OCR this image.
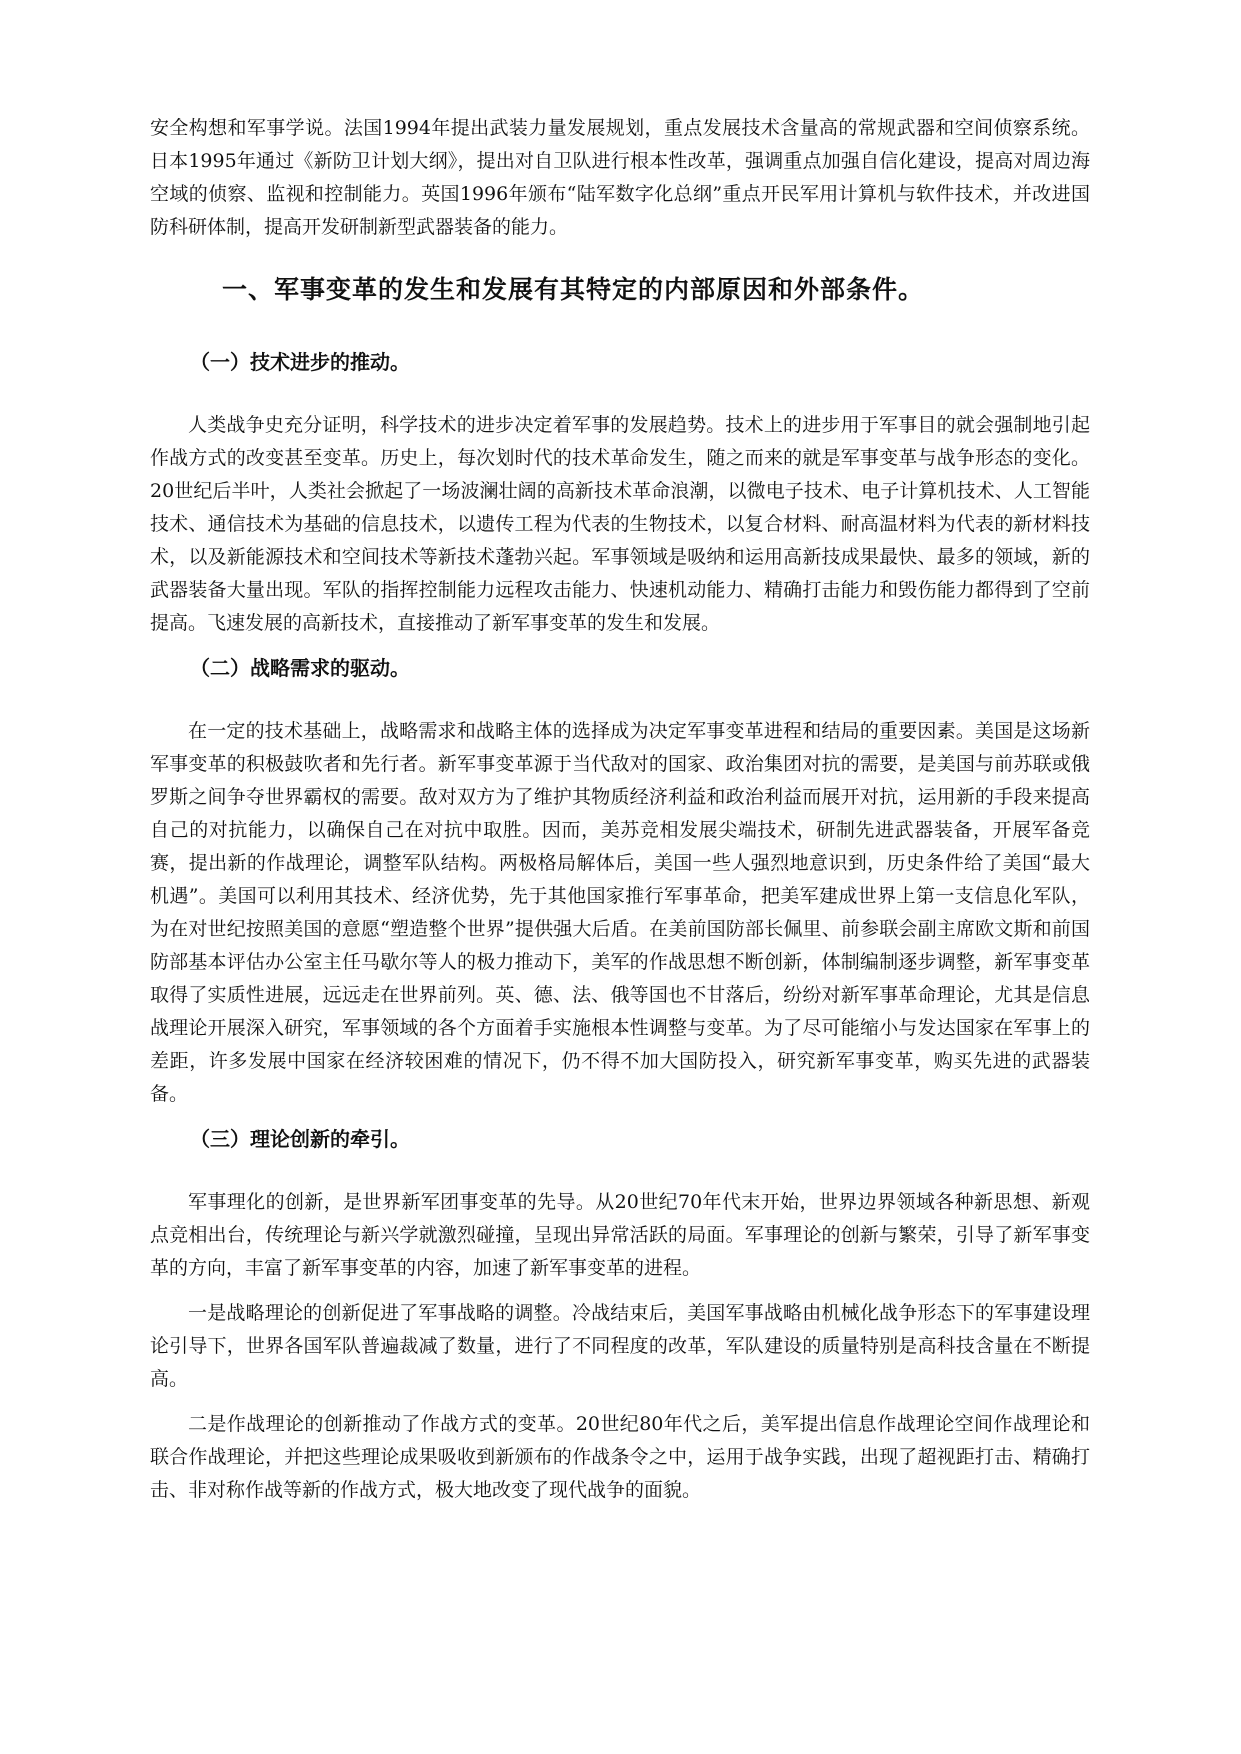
安全构想和军事学说。法国1994年提出武装力量发展规划，重点发展技术含量高的常规武器和空间侦察系统。日本1995年通过《新防卫计划大纲》，提出对自卫队进行根本性改革，强调重点加强自信化建设，提高对周边海空域的侦察、监视和控制能力。英国1996年颁布“陆军数字化总纲”重点开民军用计算机与软件技术，并改进国防科研体制，提高开发研制新型武器装备的能力。

一、军事变革的发生和发展有其特定的内部原因和外部条件。
（一）技术进步的推动。

人类战争史充分证明，科学技术的进步决定着军事的发展趋势。技术上的进步用于军事目的就会强制地引起作战方式的改变甚至变革。历史上，每次划时代的技术革命发生，随之而来的就是军事变革与战争形态的变化。20世纪后半叶，人类社会掀起了一场波澜壮阔的高新技术革命浪潮，以微电子技术、电子计算机技术、人工智能技术、通信技术为基础的信息技术，以遗传工程为代表的生物技术，以复合材料、耐高温材料为代表的新材料技术，以及新能源技术和空间技术等新技术蓬勃兴起。军事领域是吸纳和运用高新技成果最快、最多的领域，新的武器装备大量出现。军队的指挥控制能力远程攻击能力、快速机动能力、精确打击能力和毁伤能力都得到了空前提高。飞速发展的高新技术，直接推动了新军事变革的发生和发展。

（二）战略需求的驱动。

在一定的技术基础上，战略需求和战略主体的选择成为决定军事变革进程和结局的重要因素。美国是这场新军事变革的积极鼓吹者和先行者。新军事变革源于当代敌对的国家、政治集团对抗的需要，是美国与前苏联或俄罗斯之间争夺世界霸权的需要。敌对双方为了维护其物质经济利益和政治利益而展开对抗，运用新的手段来提高自己的对抗能力，以确保自己在对抗中取胜。因而，美苏竞相发展尖端技术，研制先进武器装备，开展军备竞赛，提出新的作战理论，调整军队结构。两极格局解体后，美国一些人强烈地意识到，历史条件给了美国“最大机遇”。美国可以利用其技术、经济优势，先于其他国家推行军事革命，把美军建成世界上第一支信息化军队，为在对世纪按照美国的意愿“塑造整个世界”提供强大后盾。在美前国防部长佩里、前参联会副主席欧文斯和前国防部基本评估办公室主任马歇尔等人的极力推动下，美军的作战思想不断创新，体制编制逐步调整，新军事变革取得了实质性进展，远远走在世界前列。英、德、法、俄等国也不甘落后，纷纷对新军事革命理论，尤其是信息战理论开展深入研究，军事领域的各个方面着手实施根本性调整与变革。为了尽可能缩小与发达国家在军事上的差距，许多发展中国家在经济较困难的情况下，仍不得不加大国防投入，研究新军事变革，购买先进的武器装备。

（三）理论创新的牵引。

军事理化的创新，是世界新军团事变革的先导。从20世纪70年代末开始，世界边界领域各种新思想、新观点竞相出台，传统理论与新兴学就激烈碰撞，呈现出异常活跃的局面。军事理论的创新与繁荣，引导了新军事变革的方向，丰富了新军事变革的内容，加速了新军事变革的进程。

一是战略理论的创新促进了军事战略的调整。冷战结束后，美国军事战略由机械化战争形态下的军事建设理论引导下，世界各国军队普遍裁减了数量，进行了不同程度的改革，军队建设的质量特别是高科技含量在不断提高。

二是作战理论的创新推动了作战方式的变革。20世纪80年代之后，美军提出信息作战理论空间作战理论和联合作战理论，并把这些理论成果吸收到新颁布的作战条令之中，运用于战争实践，出现了超视距打击、精确打击、非对称作战等新的作战方式，极大地改变了现代战争的面貌。
